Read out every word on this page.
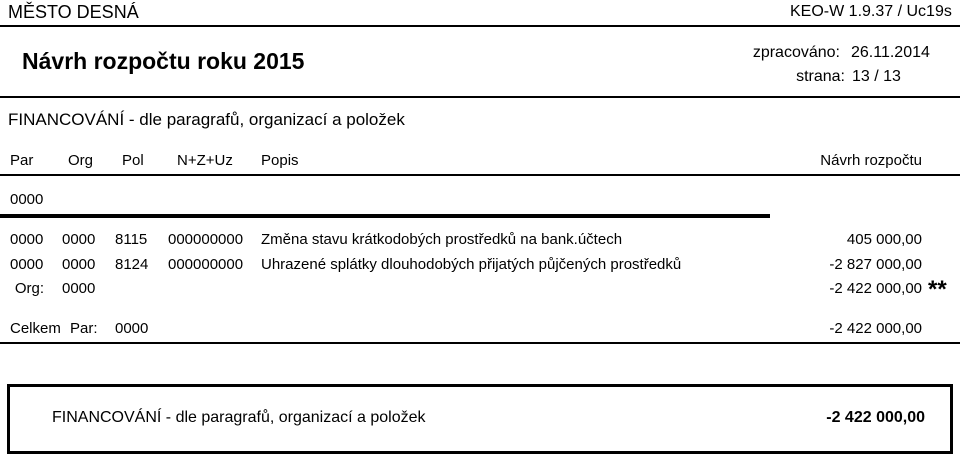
MĚSTO DESNÁ	KEO-W 1.9.37 / Uc19s
Návrh rozpočtu roku 2015	zpracováno: 26.11.2014
strana: 13 / 13
FINANCOVÁNÍ - dle paragrafů, organizací a položek
Par Org Pol N+Z+Uz Popis	Návrh rozpočtu
0000
0000 0000 8115 000000000 Změna stavu krátkodobých prostředků na bank.účtech	405 000,00
0000 0000 8124 000000000 Uhrazené splátky dlouhodobých přijatých půjčených prostředků	-2 827 000,00
Org: 0000	-2 422 000,00 **
Celkem Par: 0000	-2 422 000,00
FINANCOVÁNÍ - dle paragrafů, organizací a položek	-2 422 000,00
